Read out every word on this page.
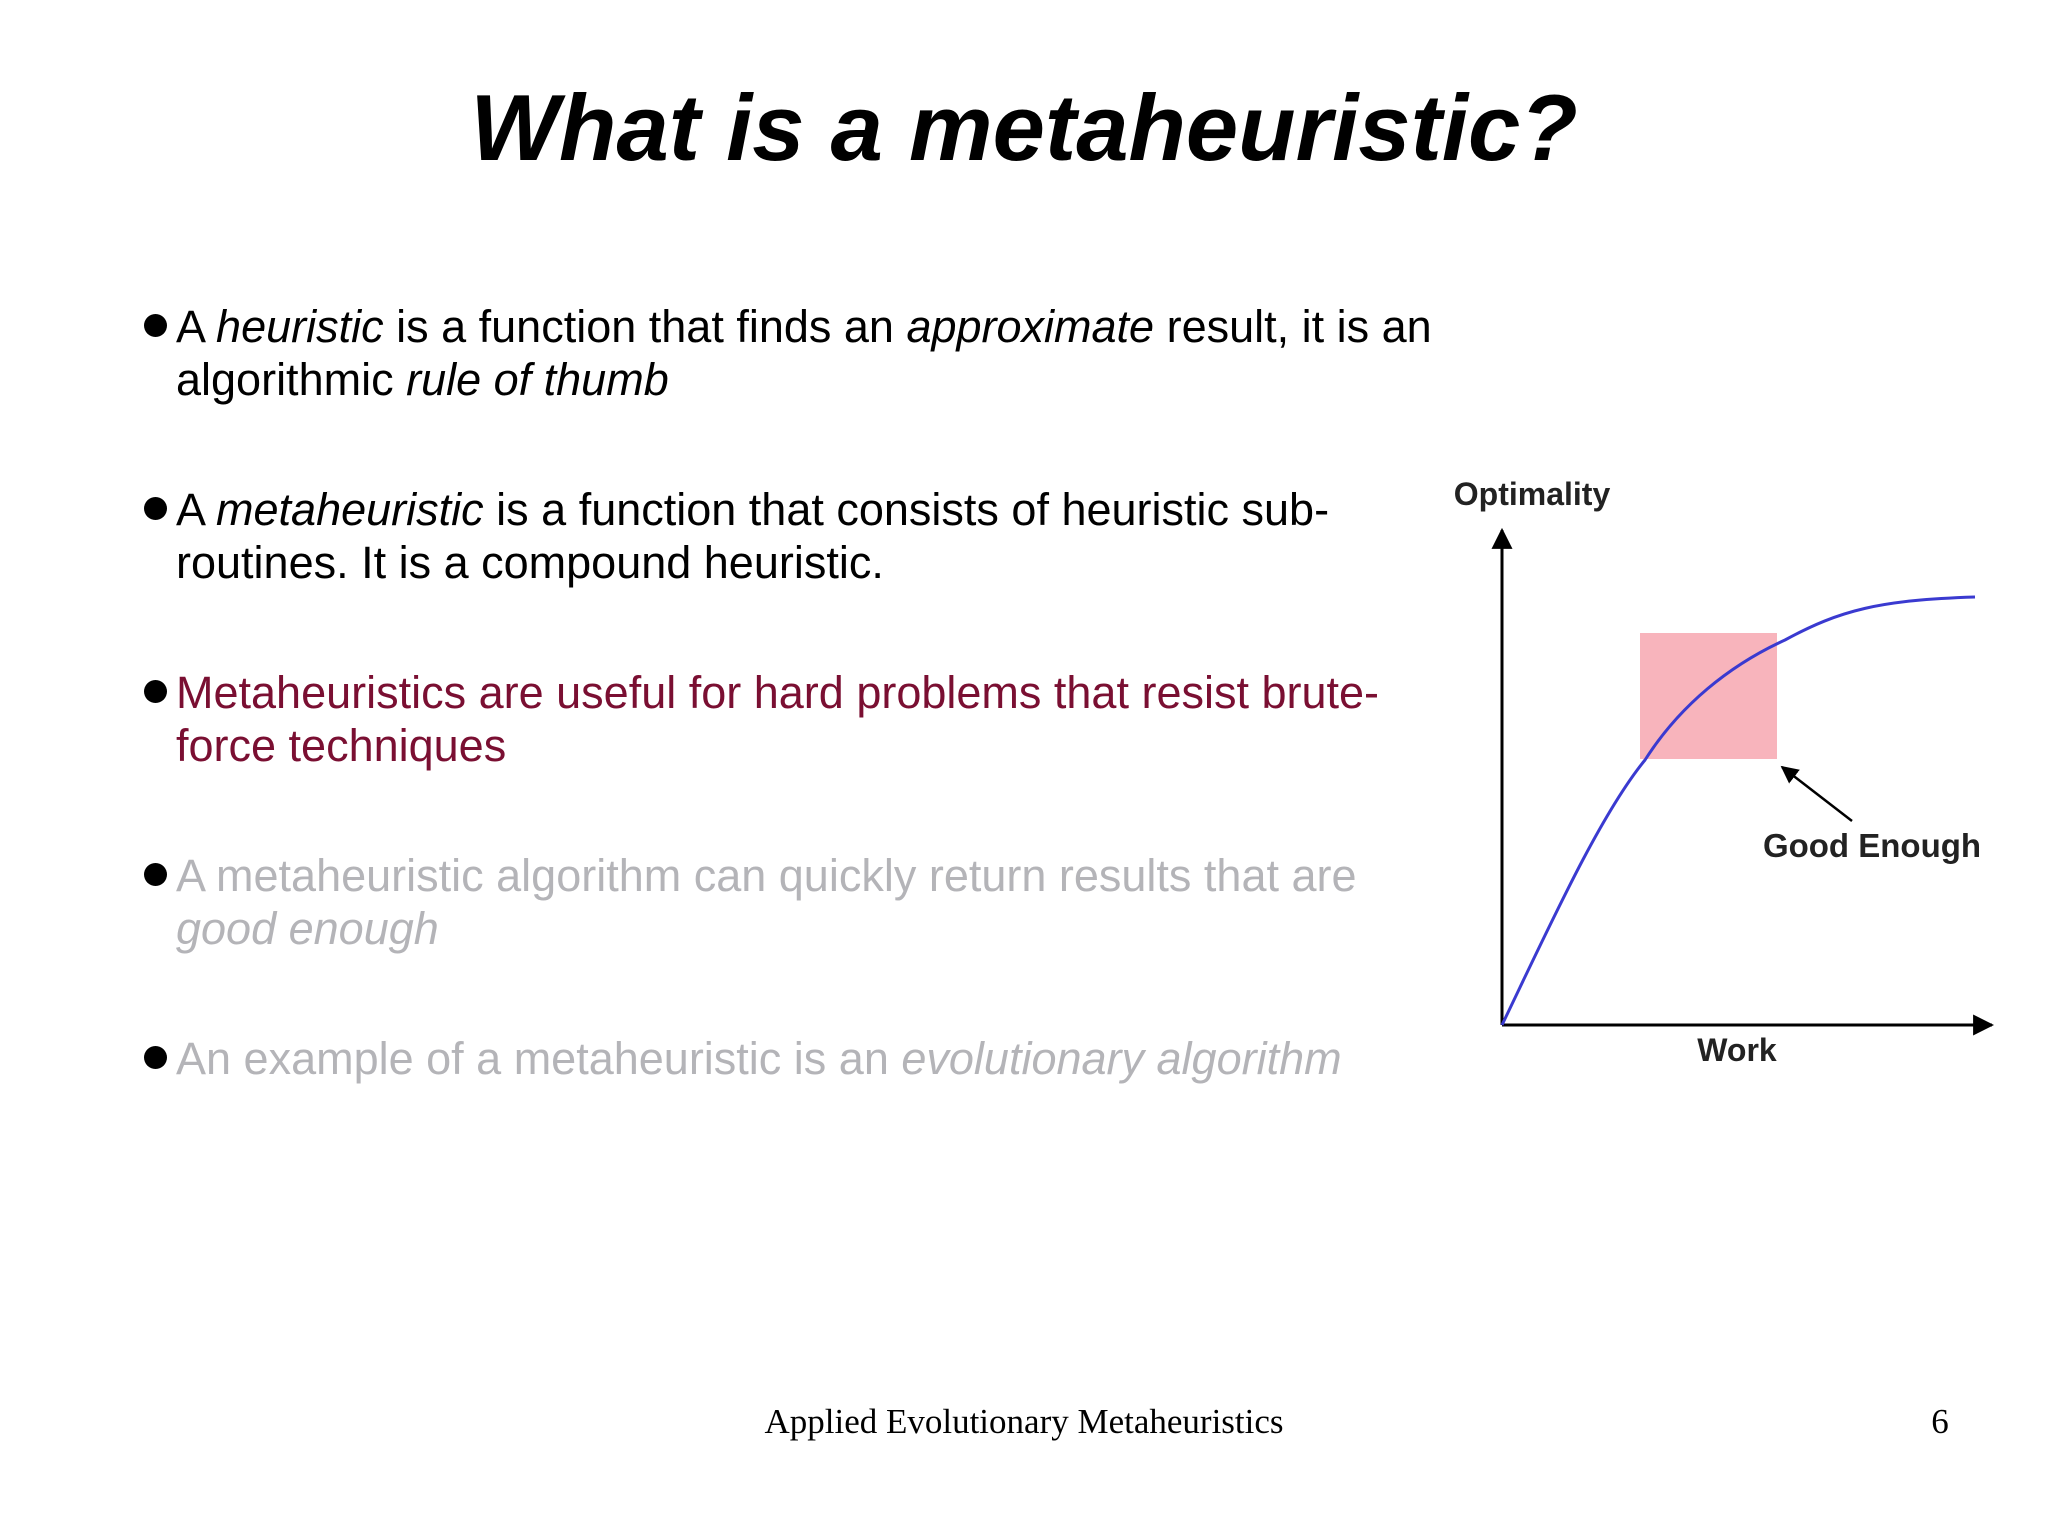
What is a metaheuristic?
A heuristic is a function that finds an approximate result, it is an algorithmic rule of thumb
A metaheuristic is a function that consists of heuristic sub-routines. It is a compound heuristic.
Metaheuristics are useful for hard problems that resist brute-force techniques
A metaheuristic algorithm can quickly return results that are good enough
An example of a metaheuristic is an evolutionary algorithm
Optimality
Work
Good Enough
Applied Evolutionary Metaheuristics	6
